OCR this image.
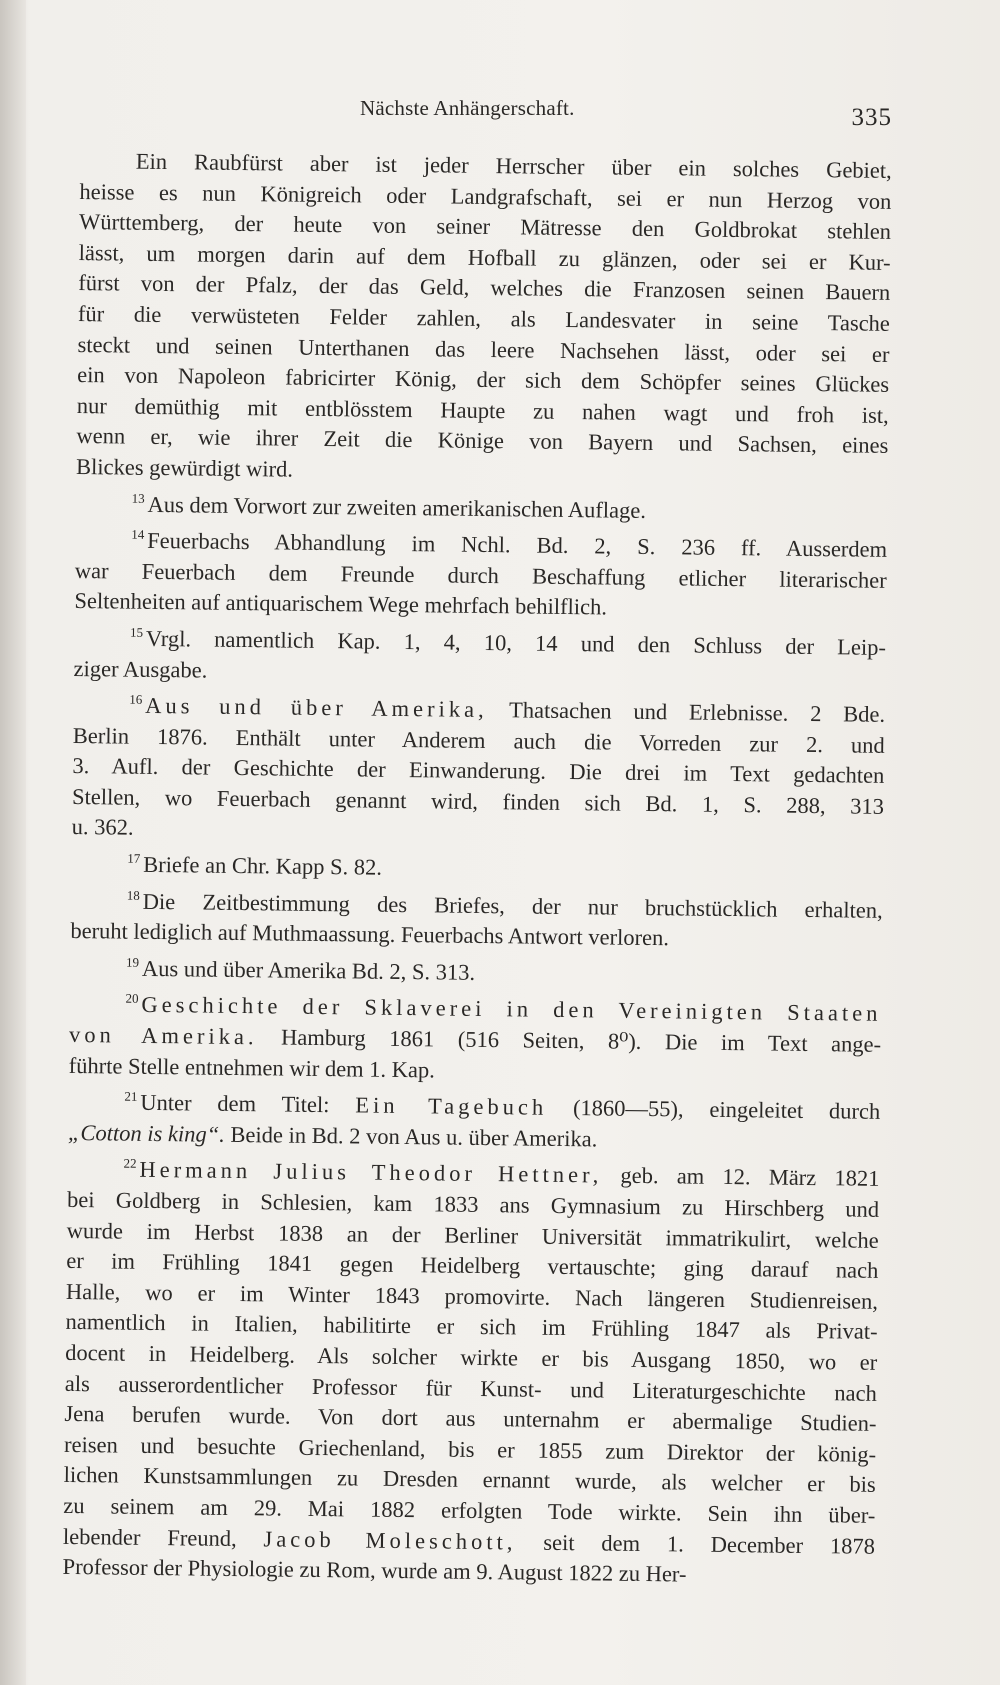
Nächste Anhängerschaft.	335
Ein Raubfürst aber ist jeder Herrscher über ein solches Gebiet,
heisse es nun Königreich oder Landgrafschaft, sei er nun Herzog von
Württemberg, der heute von seiner Mätresse den Goldbrokat stehlen
lässt, um morgen darin auf dem Hofball zu glänzen, oder sei er Kur-
fürst von der Pfalz, der das Geld, welches die Franzosen seinen Bauern
für die verwüsteten Felder zahlen, als Landesvater in seine Tasche
steckt und seinen Unterthanen das leere Nachsehen lässt, oder sei er
ein von Napoleon fabricirter König, der sich dem Schöpfer seines Glückes
nur demüthig mit entblösstem Haupte zu nahen wagt und froh ist,
wenn er, wie ihrer Zeit die Könige von Bayern und Sachsen, eines
Blickes gewürdigt wird.
$^{13}$ Aus dem Vorwort zur zweiten amerikanischen Auflage.
$^{14}$ Feuerbachs Abhandlung im Nchl. Bd. 2, S. 236 ff. Ausserdem
war Feuerbach dem Freunde durch Beschaffung etlicher literarischer
Seltenheiten auf antiquarischem Wege mehrfach behilflich.
$^{15}$ Vrgl. namentlich Kap. 1, 4, 10, 14 und den Schluss der Leip-
ziger Ausgabe.
$^{16}$ Aus und über Amerika, Thatsachen und Erlebnisse. 2 Bde.
Berlin 1876. Enthält unter Anderem auch die Vorreden zur 2. und
3. Aufl. der Geschichte der Einwanderung. Die drei im Text gedachten
Stellen, wo Feuerbach genannt wird, finden sich Bd. 1, S. 288, 313
u. 362.
$^{17}$ Briefe an Chr. Kapp S. 82.
$^{18}$ Die Zeitbestimmung des Briefes, der nur bruchstücklich erhalten,
beruht lediglich auf Muthmaassung. Feuerbachs Antwort verloren.
$^{19}$ Aus und über Amerika Bd. 2, S. 313.
$^{20}$ Geschichte der Sklaverei in den Vereinigten Staaten
von Amerika. Hamburg 1861 (516 Seiten, 8⁰). Die im Text ange-
führte Stelle entnehmen wir dem 1. Kap.
$^{21}$ Unter dem Titel: Ein Tagebuch (1860—55), eingeleitet durch
„Cotton is king“. Beide in Bd. 2 von Aus u. über Amerika.
$^{22}$ Hermann Julius Theodor Hettner, geb. am 12. März 1821
bei Goldberg in Schlesien, kam 1833 ans Gymnasium zu Hirschberg und
wurde im Herbst 1838 an der Berliner Universität immatrikulirt, welche
er im Frühling 1841 gegen Heidelberg vertauschte; ging darauf nach
Halle, wo er im Winter 1843 promovirte. Nach längeren Studienreisen,
namentlich in Italien, habilitirte er sich im Frühling 1847 als Privat-
docent in Heidelberg. Als solcher wirkte er bis Ausgang 1850, wo er
als ausserordentlicher Professor für Kunst- und Literaturgeschichte nach
Jena berufen wurde. Von dort aus unternahm er abermalige Studien-
reisen und besuchte Griechenland, bis er 1855 zum Direktor der könig-
lichen Kunstsammlungen zu Dresden ernannt wurde, als welcher er bis
zu seinem am 29. Mai 1882 erfolgten Tode wirkte. Sein ihn über-
lebender Freund, Jacob Moleschott, seit dem 1. December 1878
Professor der Physiologie zu Rom, wurde am 9. August 1822 zu Her-
